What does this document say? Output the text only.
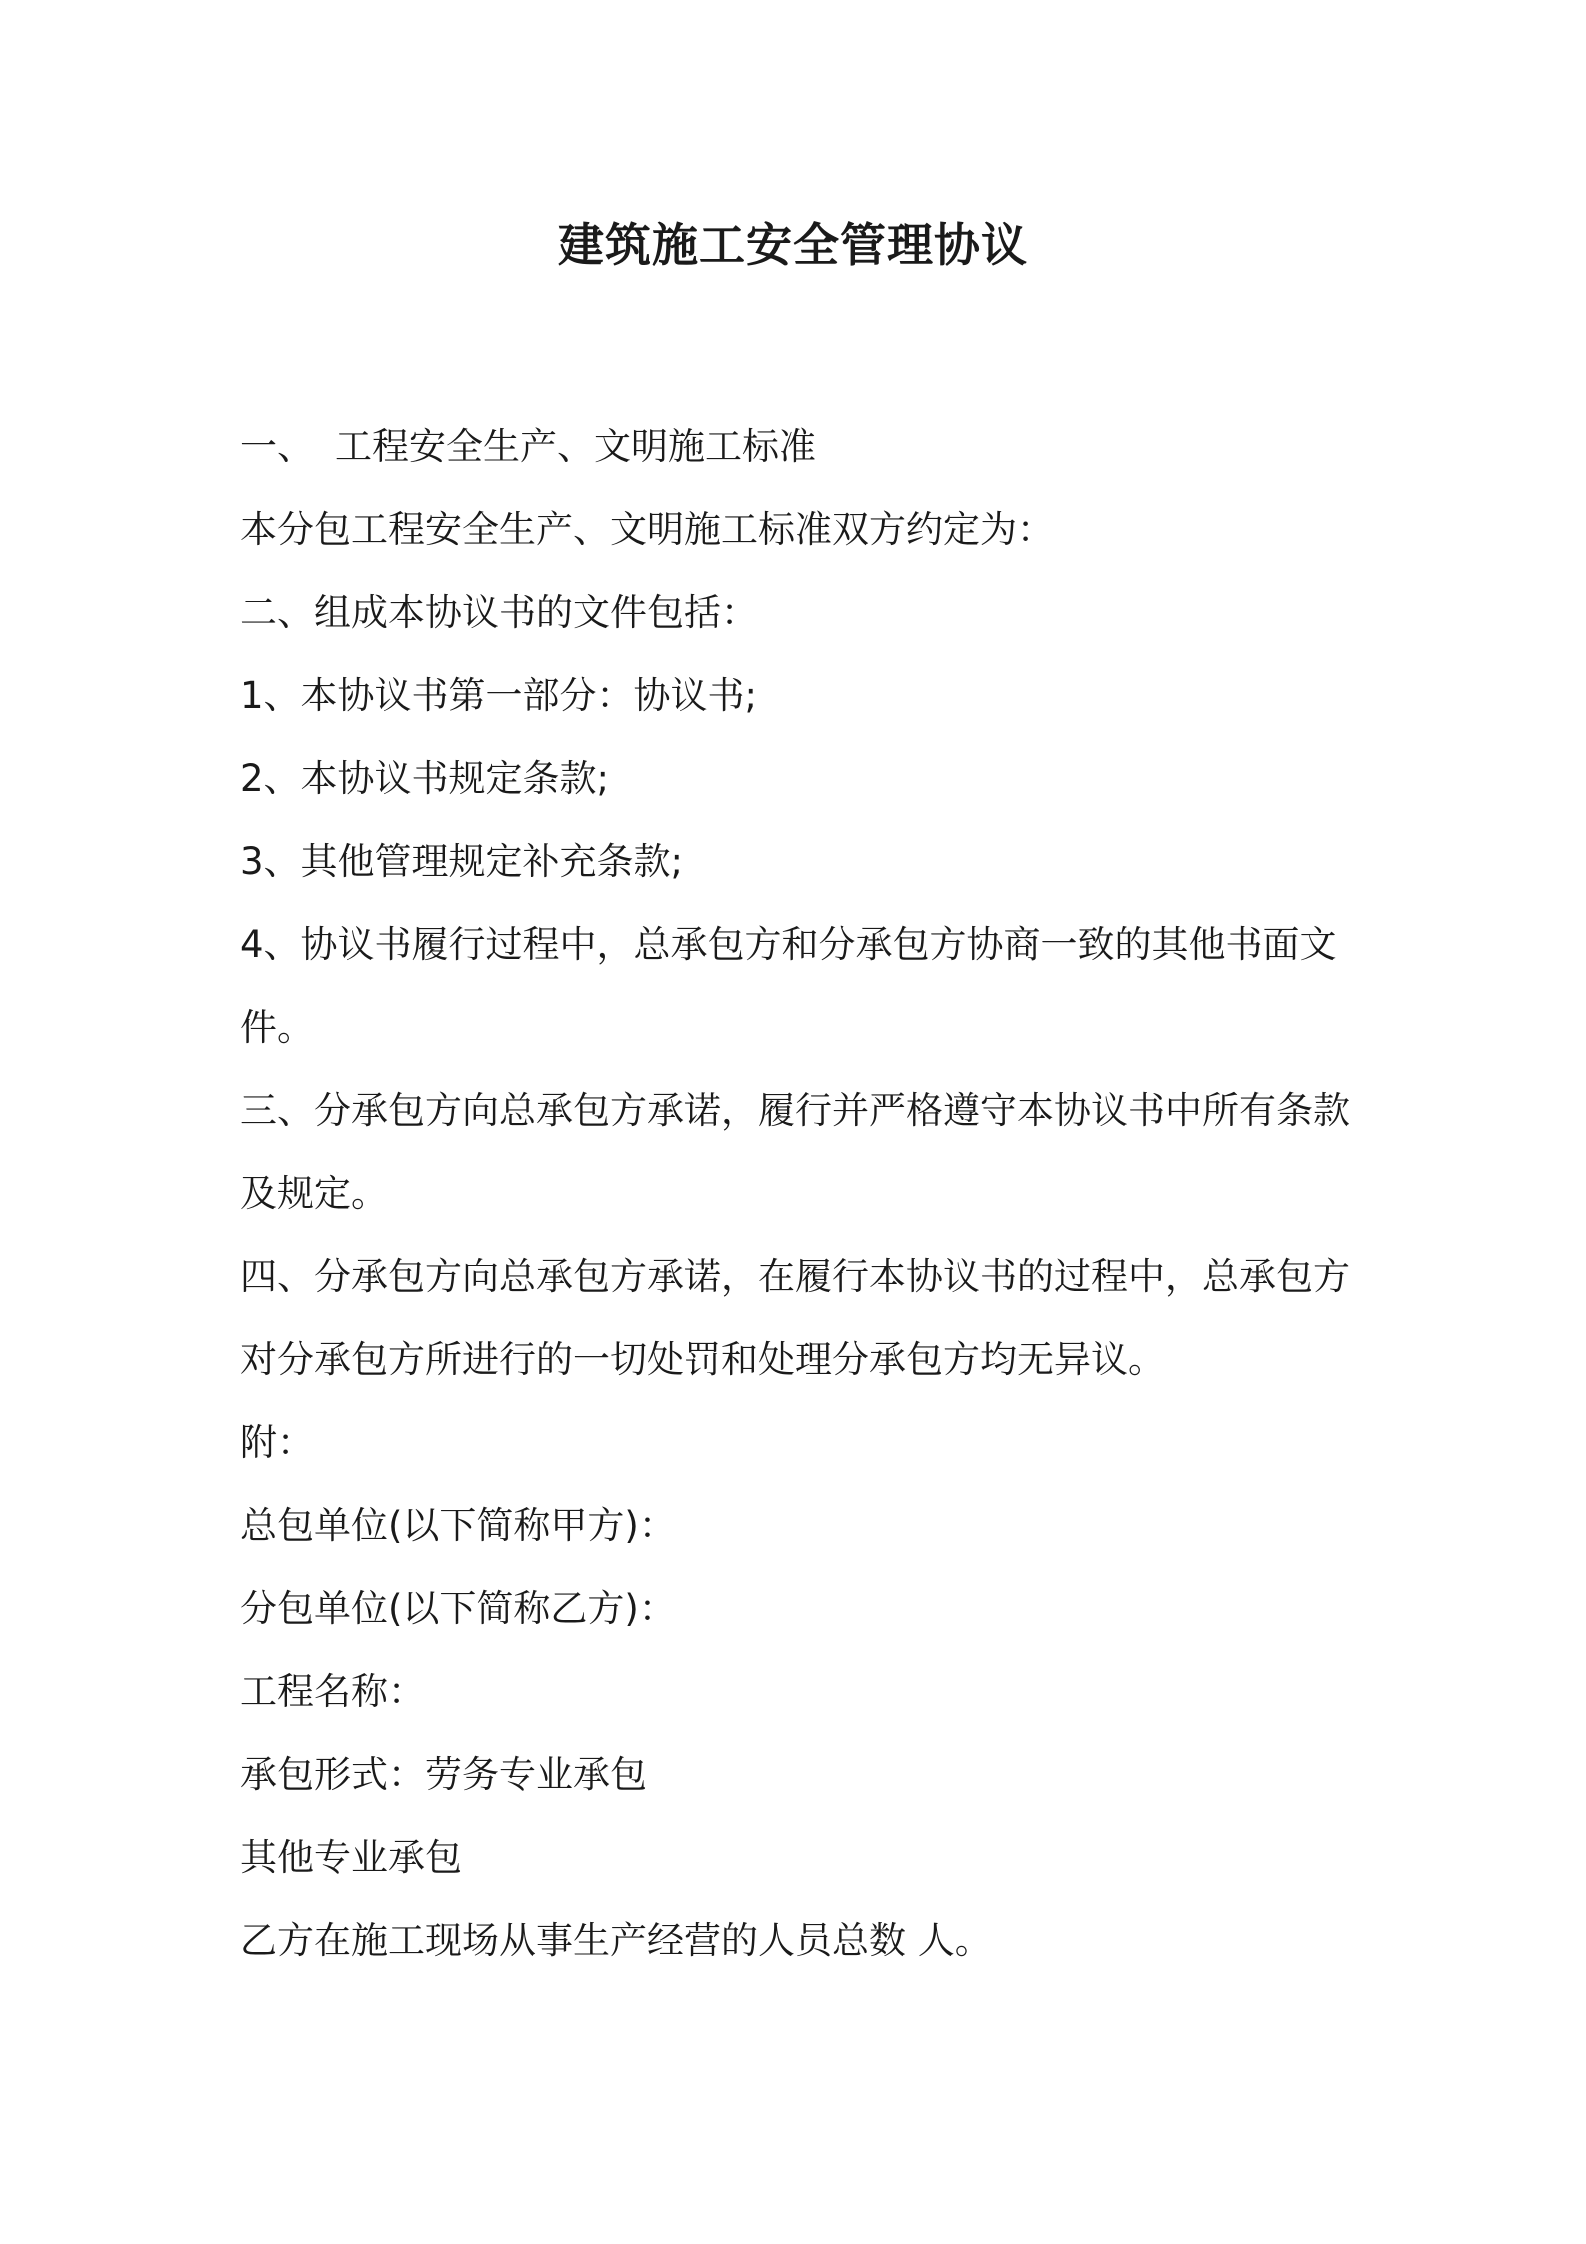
建筑施工安全管理协议
一、 工程安全生产、文明施工标准
本分包工程安全生产、文明施工标准双方约定为：
二、组成本协议书的文件包括：
1、本协议书第一部分：协议书;
2、本协议书规定条款;
3、其他管理规定补充条款;
4、协议书履行过程中，总承包方和分承包方协商一致的其他书面文
件。
三、分承包方向总承包方承诺，履行并严格遵守本协议书中所有条款
及规定。
四、分承包方向总承包方承诺，在履行本协议书的过程中，总承包方
对分承包方所进行的一切处罚和处理分承包方均无异议。
附：
总包单位(以下简称甲方)：
分包单位(以下简称乙方)：
工程名称：
承包形式：劳务专业承包
其他专业承包
乙方在施工现场从事生产经营的人员总数 人。
